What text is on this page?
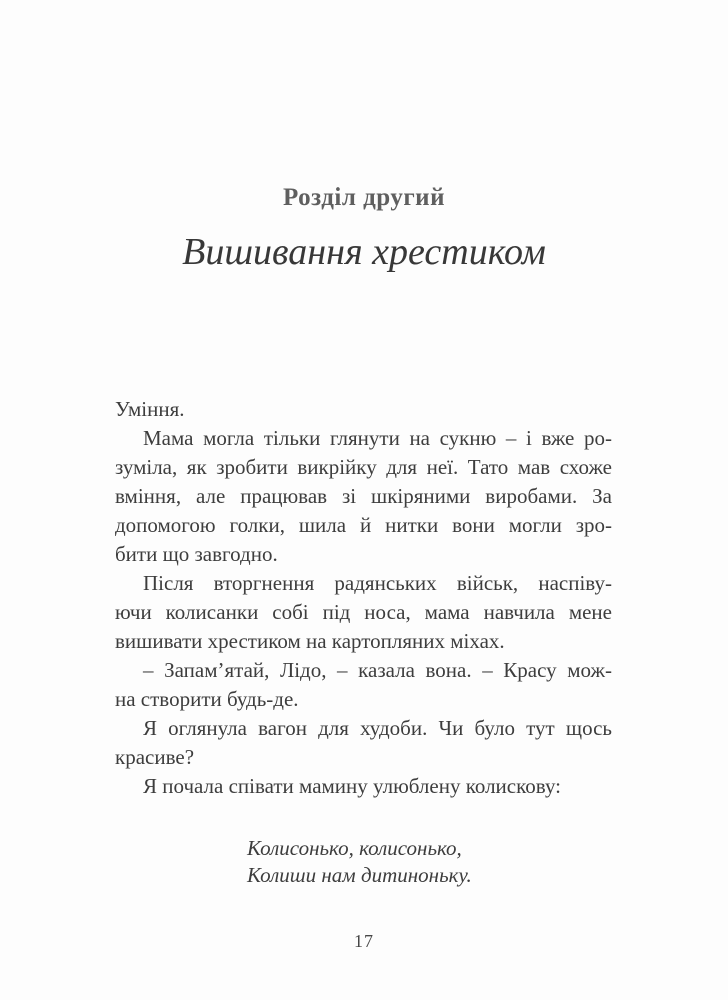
Розділ другий
Вишивання хрестиком
Уміння.
Мама могла тільки глянути на сукню – і вже ро-
зуміла, як зробити викрійку для неї. Тато мав схоже
вміння, але працював зі шкіряними виробами. За
допомогою голки, шила й нитки вони могли зро-
бити що завгодно.
Після вторгнення радянських військ, наспіву-
ючи колисанки собі під носа, мама навчила мене
вишивати хрестиком на картопляних міхах.
– Запам’ятай, Лідо, – казала вона. – Красу мож-
на створити будь-де.
Я оглянула вагон для худоби. Чи було тут щось
красиве?
Я почала співати мамину улюблену колискову:
Колисонько, колисонько,
Колиши нам дитиноньку.
17
